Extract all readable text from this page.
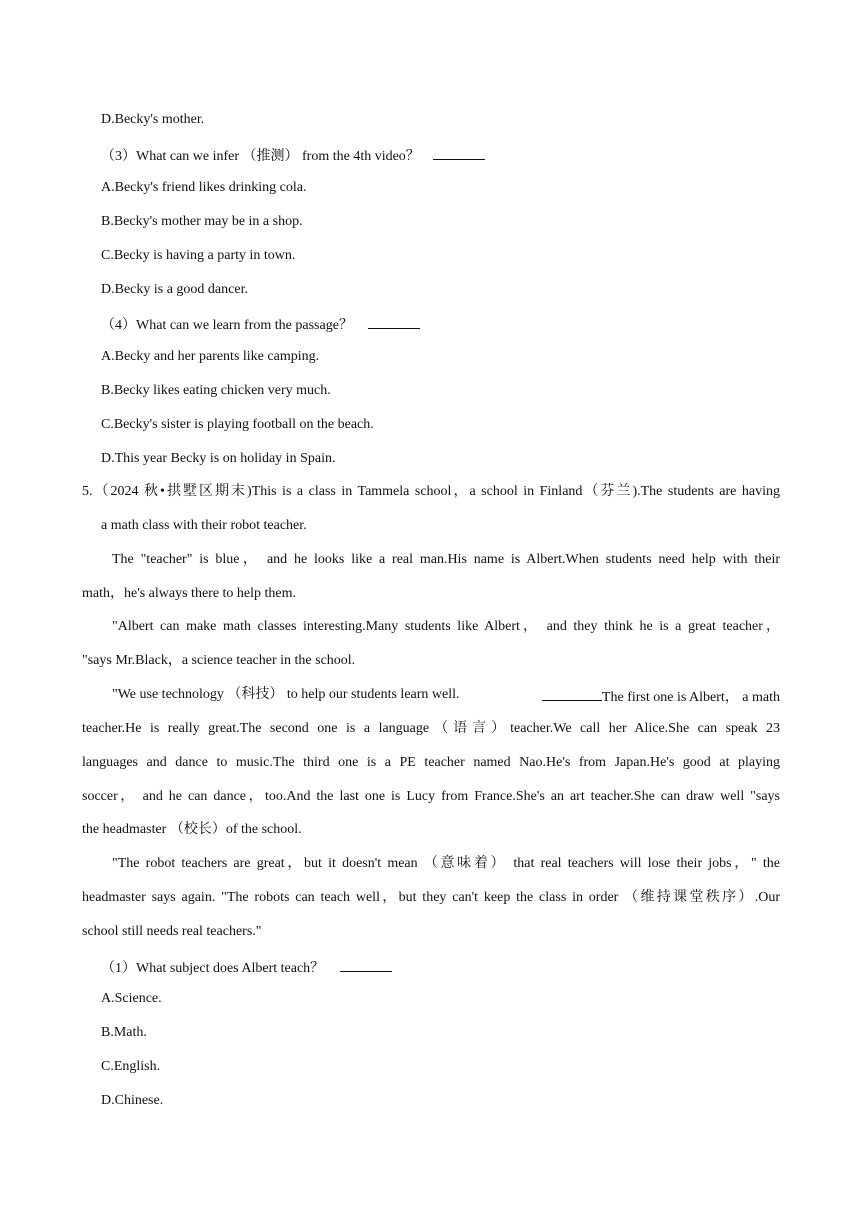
D.Becky's mother.
（3）What can we infer （推测） from the 4th video？
A.Becky's friend likes drinking cola.
B.Becky's mother may be in a shop.
C.Becky is having a party in town.
D.Becky is a good dancer.
（4）What can we learn from the passage？
A.Becky and her parents like camping.
B.Becky likes eating chicken very much.
C.Becky's sister is playing football on the beach.
D.This year Becky is on holiday in Spain.
5.（2024 秋•拱墅区期末)This is a class in Tammela school，a school in Finland（芬兰).The students are having
a math class with their robot teacher.
The "teacher" is blue， and he looks like a real man.His name is Albert.When students need help with their
math，he's always there to help them.
"Albert can make math classes interesting.Many students like Albert， and they think he is a great teacher，
"says Mr.Black，a science teacher in the school.
"We use technology （科技） to help our students learn well.	The first one is Albert， a math
teacher.He is really great.The second one is a language（语言）teacher.We call her Alice.She can speak 23
languages and dance to music.The third one is a PE teacher named Nao.He's from Japan.He's good at playing
soccer， and he can dance，too.And the last one is Lucy from France.She's an art teacher.She can draw well "says
the headmaster （校长）of the school.
"The robot teachers are great，but it doesn't mean （意味着） that real teachers will lose their jobs，" the
headmaster says again. "The robots can teach well，but they can't keep the class in order （维持课堂秩序）.Our
school still needs real teachers."
（1）What subject does Albert teach？
A.Science.
B.Math.
C.English.
D.Chinese.
